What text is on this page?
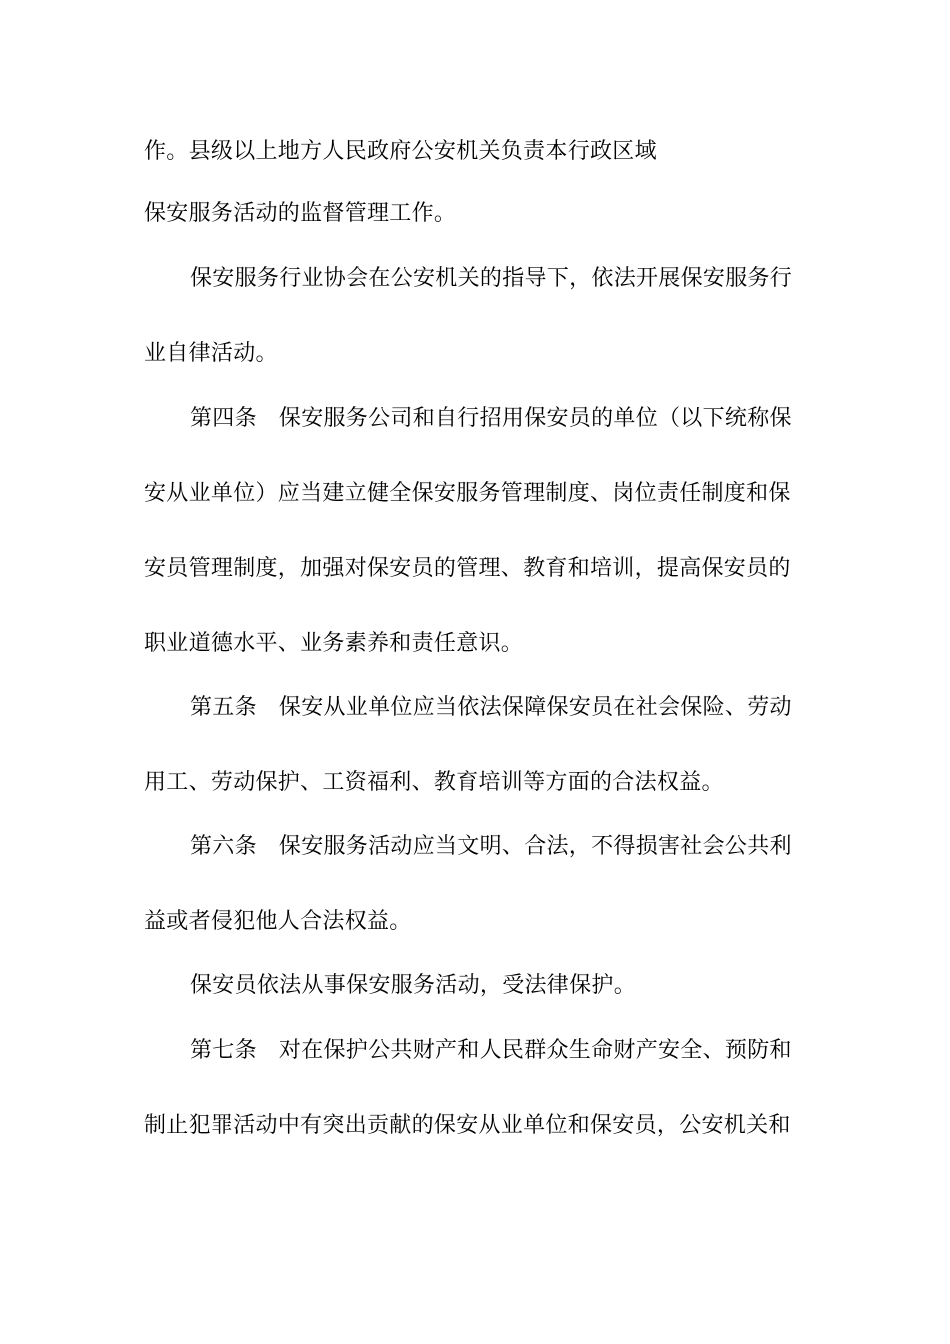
作。县级以上地方人民政府公安机关负责本行政区域
保安服务活动的监督管理工作。
保安服务行业协会在公安机关的指导下，依法开展保安服务行
业自律活动。
第四条 保安服务公司和自行招用保安员的单位（以下统称保
安从业单位）应当建立健全保安服务管理制度、岗位责任制度和保
安员管理制度，加强对保安员的管理、教育和培训，提高保安员的
职业道德水平、业务素养和责任意识。
第五条 保安从业单位应当依法保障保安员在社会保险、劳动
用工、劳动保护、工资福利、教育培训等方面的合法权益。
第六条 保安服务活动应当文明、合法，不得损害社会公共利
益或者侵犯他人合法权益。
保安员依法从事保安服务活动，受法律保护。
第七条 对在保护公共财产和人民群众生命财产安全、预防和
制止犯罪活动中有突出贡献的保安从业单位和保安员，公安机关和
